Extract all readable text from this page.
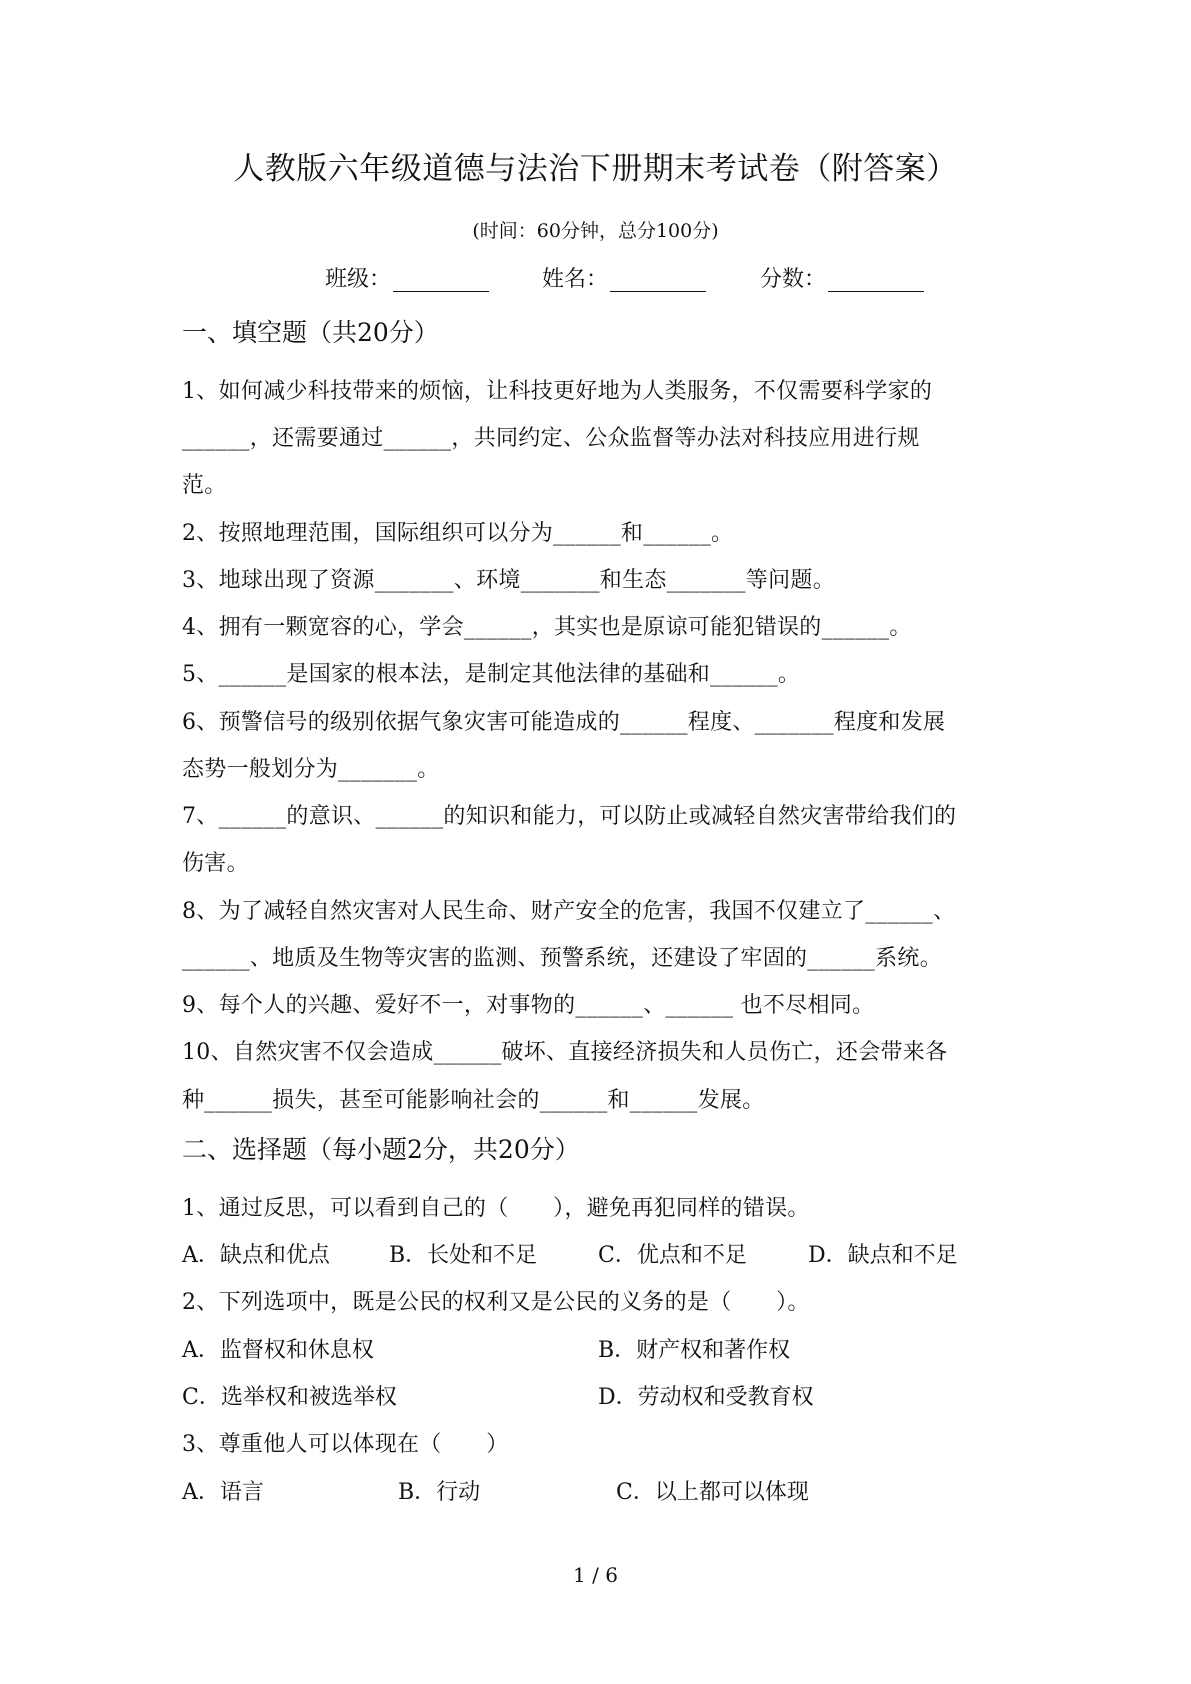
人教版六年级道德与法治下册期末考试卷（附答案）
(时间：60分钟，总分100分)
班级：	姓名：	分数：
一、填空题（共20分）
1、如何减少科技带来的烦恼，让科技更好地为人类服务，不仅需要科学家的
______，还需要通过______，共同约定、公众监督等办法对科技应用进行规
范。
2、按照地理范围，国际组织可以分为______和______。
3、地球出现了资源_______、环境_______和生态_______等问题。
4、拥有一颗宽容的心，学会______，其实也是原谅可能犯错误的______。
5、______是国家的根本法，是制定其他法律的基础和______。
6、预警信号的级别依据气象灾害可能造成的______程度、_______程度和发展
态势一般划分为_______。
7、______的意识、______的知识和能力，可以防止或减轻自然灾害带给我们的
伤害。
8、为了减轻自然灾害对人民生命、财产安全的危害，我国不仅建立了______、
______、地质及生物等灾害的监测、预警系统，还建设了牢固的______系统。
9、每个人的兴趣、爱好不一，对事物的______、______ 也不尽相同。
10、自然灾害不仅会造成______破坏、直接经济损失和人员伤亡，还会带来各
种______损失，甚至可能影响社会的______和______发展。
二、选择题（每小题2分，共20分）
1、通过反思，可以看到自己的（　　），避免再犯同样的错误。
A．缺点和优点	B．长处和不足	C．优点和不足	D．缺点和不足
2、下列选项中，既是公民的权利又是公民的义务的是（　　）。
A．监督权和休息权	B．财产权和著作权
C．选举权和被选举权	D．劳动权和受教育权
3、尊重他人可以体现在（　　）
A．语言	B．行动	C．以上都可以体现
1 / 6
